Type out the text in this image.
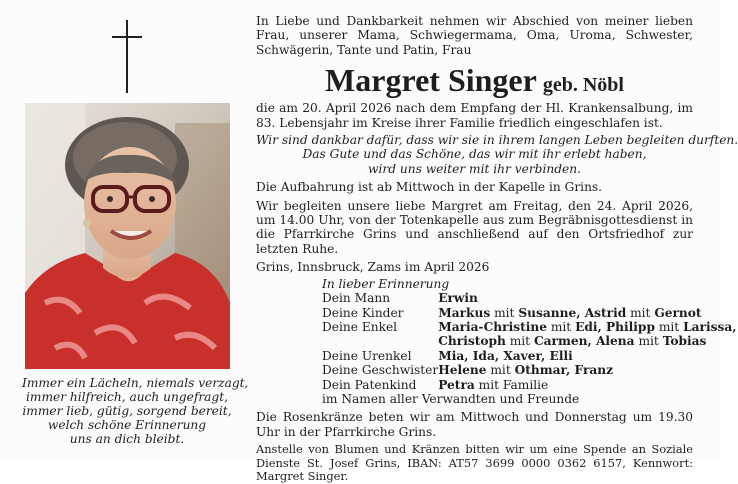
Immer ein Lächeln, niemals verzagt,
immer hilfreich, auch ungefragt,
immer lieb, gütig, sorgend bereit,
welch schöne Erinnerung
uns an dich bleibt.

In Liebe und Dankbarkeit nehmen wir Abschied von meiner lieben Frau, unserer Mama, Schwiegermama, Oma, Uroma, Schwester, Schwägerin, Tante und Patin, Frau

Margret Singer geb. Nöbl

die am 20. April 2026 nach dem Empfang der Hl. Krankensalbung, im 83. Lebensjahr im Kreise ihrer Familie friedlich eingeschlafen ist.

Wir sind dankbar dafür, dass wir sie in ihrem langen Leben begleiten durften.
Das Gute und das Schöne, das wir mit ihr erlebt haben,
wird uns weiter mit ihr verbinden.

Die Aufbahrung ist ab Mittwoch in der Kapelle in Grins.

Wir begleiten unsere liebe Margret am Freitag, den 24. April 2026, um 14.00 Uhr, von der Totenkapelle aus zum Begräbnisgottesdienst in die Pfarrkirche Grins und anschließend auf den Ortsfriedhof zur letzten Ruhe.

Grins, Innsbruck, Zams im April 2026

In lieber Erinnerung
Dein Mann	Erwin
Deine Kinder	Markus mit Susanne, Astrid mit Gernot
Deine Enkel	Maria-Christine mit Edi, Philipp mit Larissa,
	Christoph mit Carmen, Alena mit Tobias
Deine Urenkel	Mia, Ida, Xaver, Elli
Deine Geschwister	Helene mit Othmar, Franz
Dein Patenkind	Petra mit Familie
im Namen aller Verwandten und Freunde

Die Rosenkränze beten wir am Mittwoch und Donnerstag um 19.30 Uhr in der Pfarrkirche Grins.

Anstelle von Blumen und Kränzen bitten wir um eine Spende an Soziale Dienste St. Josef Grins, IBAN: AT57 3699 0000 0362 6157, Kennwort: Margret Singer.
